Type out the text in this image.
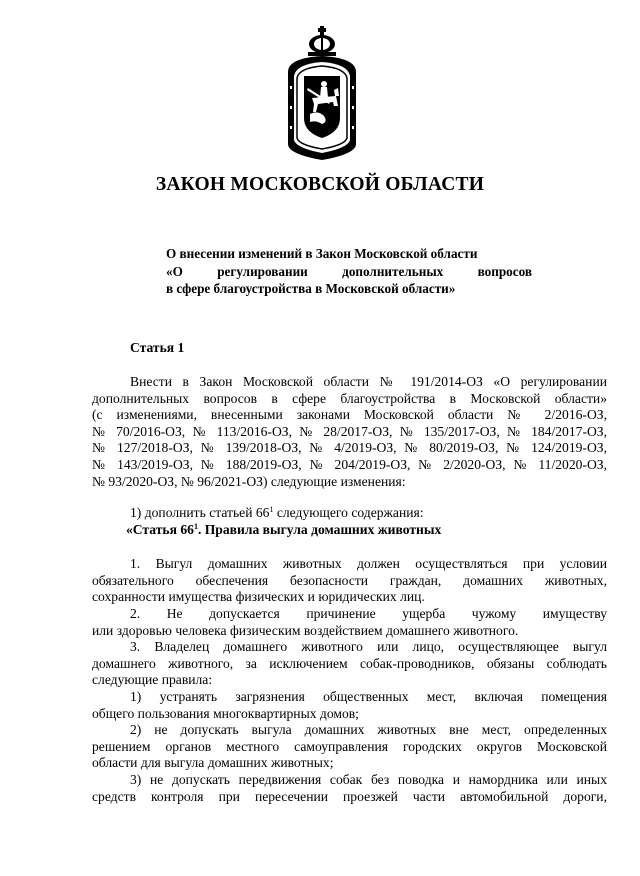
ЗАКОН МОСКОВСКОЙ ОБЛАСТИ
О внесении изменений в Закон Московской области
«О регулировании дополнительных вопросов
в сфере благоустройства в Московской области»
Статья 1
Внести в Закон Московской области № 191/2014-ОЗ «О регулировании
дополнительных вопросов в сфере благоустройства в Московской области»
(с изменениями, внесенными законами Московской области № 2/2016-ОЗ,
№ 70/2016-ОЗ, № 113/2016-ОЗ, № 28/2017-ОЗ, № 135/2017-ОЗ, № 184/2017-ОЗ,
№ 127/2018-ОЗ, № 139/2018-ОЗ, № 4/2019-ОЗ, № 80/2019-ОЗ, № 124/2019-ОЗ,
№ 143/2019-ОЗ, № 188/2019-ОЗ, № 204/2019-ОЗ, № 2/2020-ОЗ, № 11/2020-ОЗ,
№ 93/2020-ОЗ, № 96/2021-ОЗ) следующие изменения:
1) дополнить статьей $66^1$ следующего содержания:
«Статья $66^1$. Правила выгула домашних животных
1. Выгул домашних животных должен осуществляться при условии
обязательного обеспечения безопасности граждан, домашних животных,
сохранности имущества физических и юридических лиц.
2. Не допускается причинение ущерба чужому имуществу
или здоровью человека физическим воздействием домашнего животного.
3. Владелец домашнего животного или лицо, осуществляющее выгул
домашнего животного, за исключением собак-проводников, обязаны соблюдать
следующие правила:
1) устранять загрязнения общественных мест, включая помещения
общего пользования многоквартирных домов;
2) не допускать выгула домашних животных вне мест, определенных
решением органов местного самоуправления городских округов Московской
области для выгула домашних животных;
3) не допускать передвижения собак без поводка и намордника или иных
средств контроля при пересечении проезжей части автомобильной дороги,
